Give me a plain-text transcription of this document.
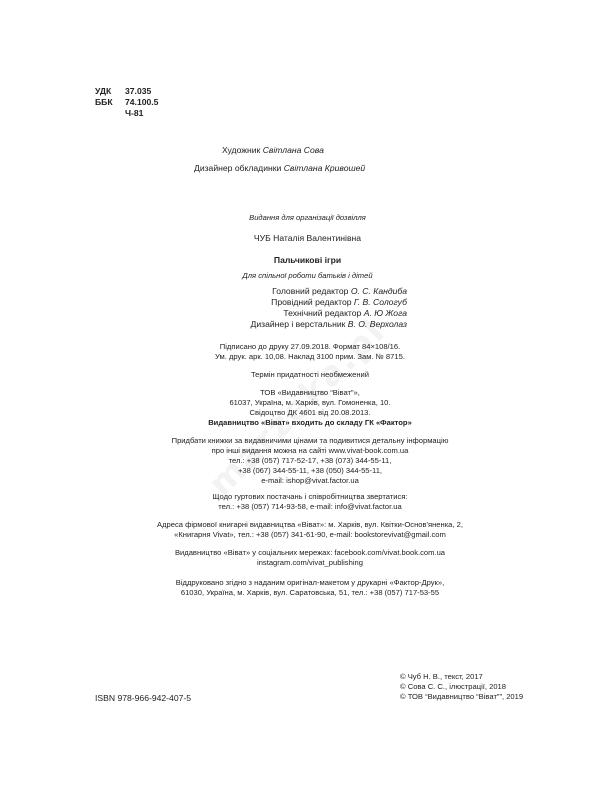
УДК 37.035
ББК 74.100.5
Ч-81
Художник Світлана Сова
Дизайнер обкладинки Світлана Кривошей
Видання для організації дозвілля
ЧУБ Наталія Валентинівна
Пальчикові ігри
Для спільної роботи батьків і дітей
Головний редактор О. С. Кандиба
Провідний редактор Г. В. Сологуб
Технічний редактор А. Ю Жога
Дизайнер і верстальник В. О. Верхолаз
Підписано до друку 27.09.2018. Формат 84×108/16.
Ум. друк. арк. 10,08. Наклад 3100 прим. Зам. № 8715.
Термін придатності необмежений
ТОВ «Видавництво “Віват”»,
61037, Україна, м. Харків, вул. Гомоненка, 10.
Свідоцтво ДК 4601 від 20.08.2013.
Видавництво «Віват» входить до складу ГК «Фактор»
Придбати книжки за видавничими цінами та подивитися детальну інформацію
про інші видання можна на сайті www.vivat-book.com.ua
тел.: +38 (057) 717-52-17, +38 (073) 344-55-11,
+38 (067) 344-55-11, +38 (050) 344-55-11,
e-mail: ishop@vivat.factor.ua
Щодо гуртових постачань і співробітництва звертатися:
тел.: +38 (057) 714-93-58, e-mail: info@vivat.factor.ua
Адреса фірмової книгарні видавництва «Віват»: м. Харків, вул. Квітки-Основ'яненка, 2,
«Книгарня Vivat», тел.: +38 (057) 341-61-90, e-mail: bookstorevivat@gmail.com
Видавництво «Віват» у соціальних мережах: facebook.com/vivat.book.com.ua
instagram.com/vivat_publishing
Віддруковано згідно з наданим оригінал-макетом у друкарні «Фактор-Друк»,
61030, Україна, м. Харків, вул. Саратовська, 51, тел.: +38 (057) 717-53-55
© Чуб Н. В., текст, 2017
© Сова С. С., ілюстрації, 2018
© ТОВ “Видавництво “Віват””, 2019
ISBN 978-966-942-407-5
